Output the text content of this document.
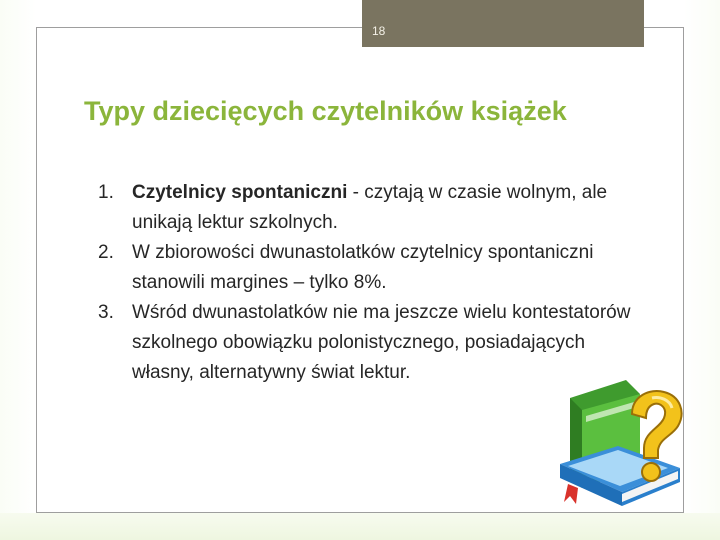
18
Typy dziecięcych czytelników książek
1. Czytelnicy spontaniczni - czytają w czasie wolnym, ale unikają lektur szkolnych.
2. W zbiorowości dwunastolatków czytelnicy spontaniczni stanowili margines – tylko 8%.
3. Wśród dwunastolatków nie ma jeszcze wielu kontestatorów szkolnego obowiązku polonistycznego, posiadających własny, alternatywny świat lektur.
